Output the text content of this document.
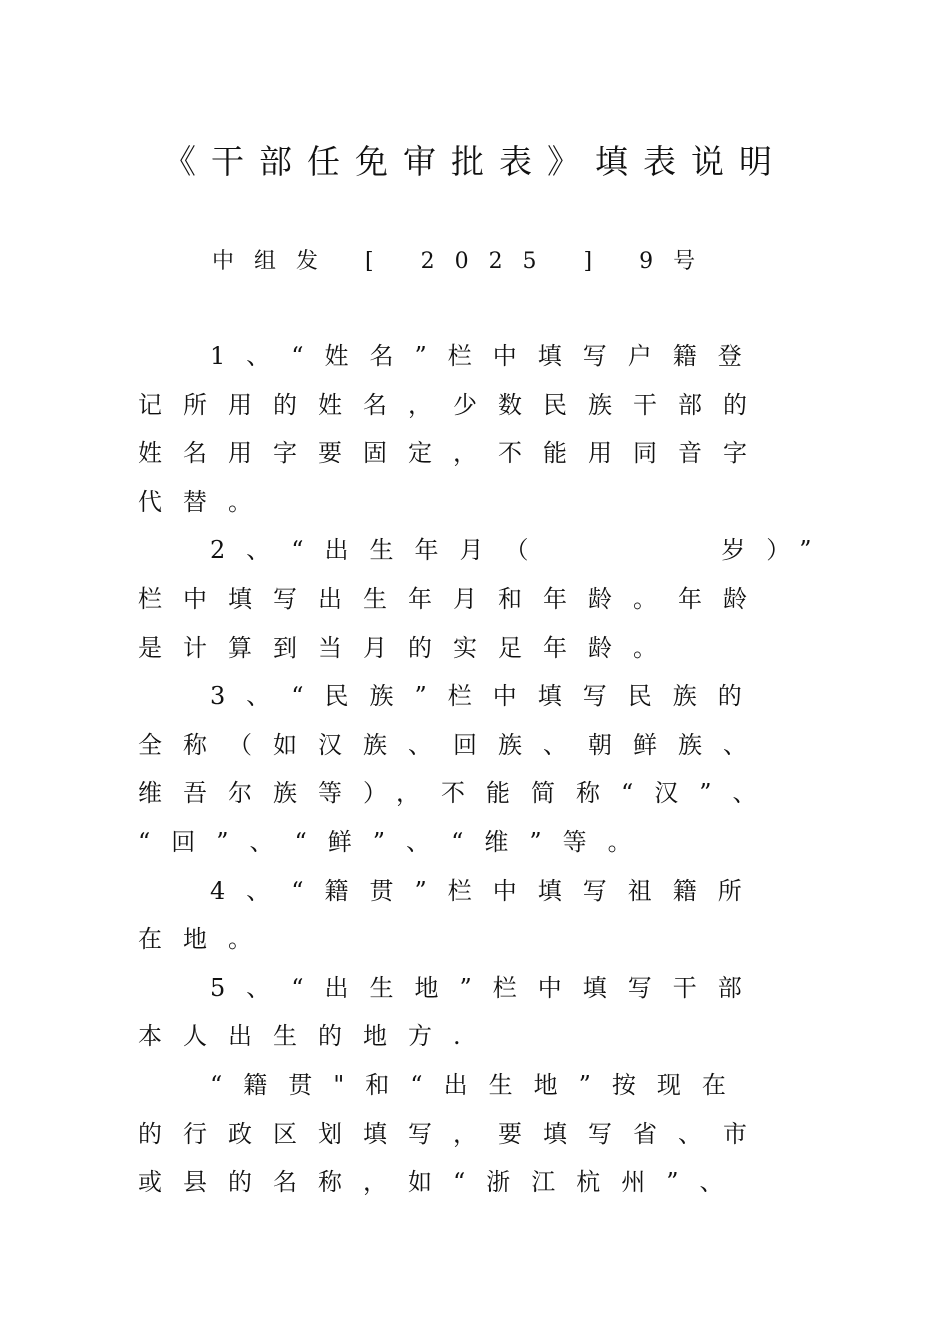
《干部任免审批表》填表说明
中组发 [ 2025 ] 9号
1、“姓名”栏中填写户籍登
记所用的姓名，少数民族干部的
姓名用字要固定，不能用同音字
代替。
2、“出生年月（      岁）”
栏中填写出生年月和年龄。年龄
是计算到当月的实足年龄。
3、“民族”栏中填写民族的
全称（如汉族、回族、朝鲜族、
维吾尔族等），不能简称“汉”、
“回”、“鲜”、“维”等。
4、“籍贯”栏中填写祖籍所
在地。
5、“出生地”栏中填写干部
本人出生的地方.
“籍贯"和“出生地”按现在
的行政区划填写，要填写省、市
或县的名称，如“浙江杭州”、
